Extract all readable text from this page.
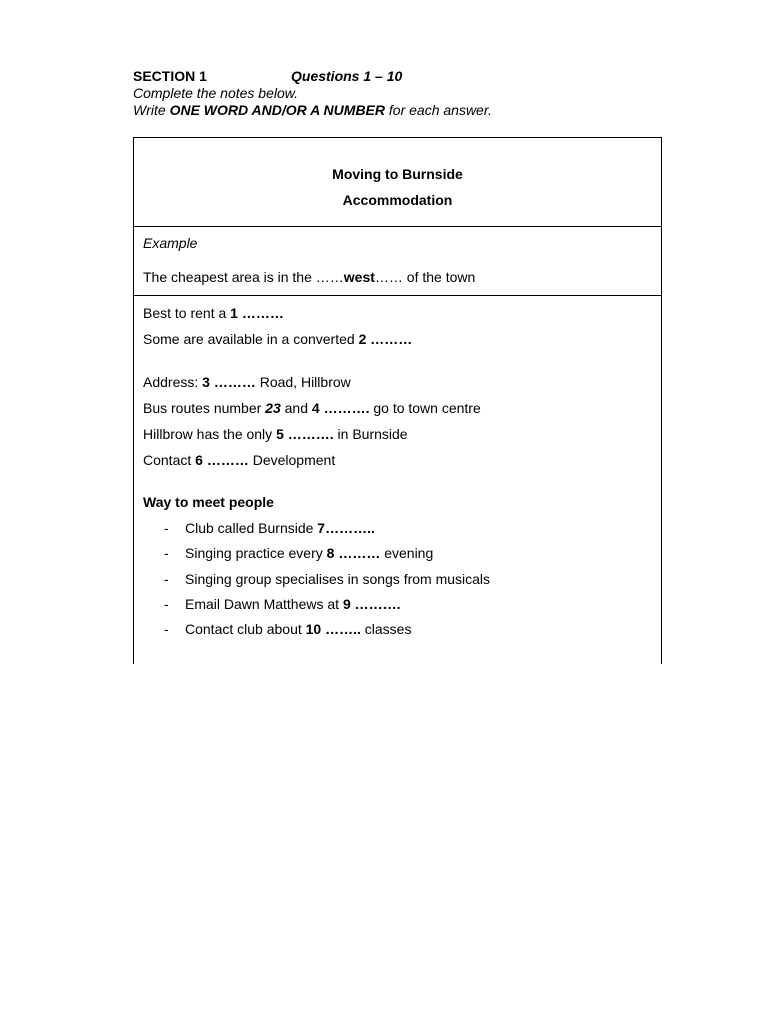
SECTION 1	Questions 1 – 10
Complete the notes below.
Write ONE WORD AND/OR A NUMBER for each answer.
Moving to Burnside
Accommodation
Example
The cheapest area is in the ……west…… of the town
Best to rent a 1 ………
Some are available in a converted 2 ………
Address: 3 ……… Road, Hillbrow
Bus routes number 23 and 4 ………. go to town centre
Hillbrow has the only 5 ………. in Burnside
Contact 6 ……… Development
Way to meet people
- Club called Burnside 7………..
- Singing practice every 8 ……… evening
- Singing group specialises in songs from musicals
- Email Dawn Matthews at 9 ……….
- Contact club about 10 …….. classes
